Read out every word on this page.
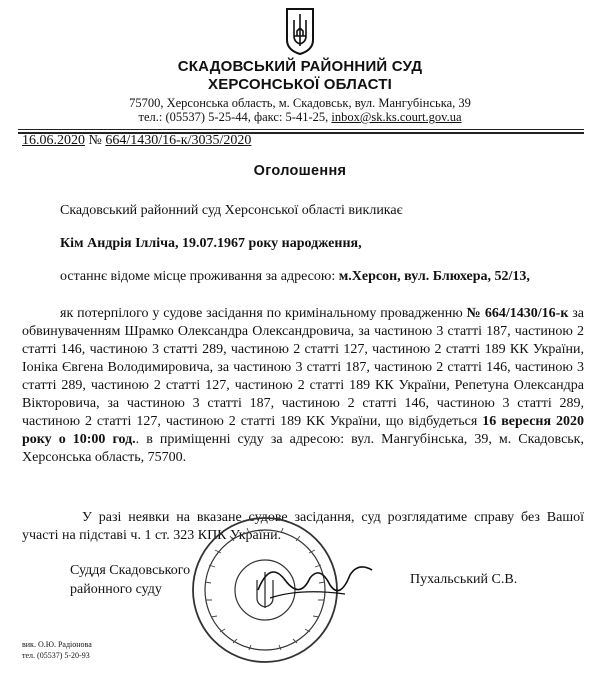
СКАДОВСЬКИЙ РАЙОННИЙ СУД
ХЕРСОНСЬКОЇ ОБЛАСТІ
75700, Херсонська область, м. Скадовськ, вул. Мангубінська, 39
тел.: (05537) 5-25-44, факс: 5-41-25, inbox@sk.ks.court.gov.ua
16.06.2020 № 664/1430/16-к/3035/2020
Оголошення
Скадовський районний суд Херсонської області викликає
Кім Андрія Ілліча, 19.07.1967 року народження,
останнє відоме місце проживання за адресою: м.Херсон, вул. Блюхера, 52/13,
як потерпілого у судове засідання по кримінальному провадженню № 664/1430/16-к за обвинуваченням Шрамко Олександра Олександровича, за частиною 3 статті 187, частиною 2 статті 146, частиною 3 статті 289, частиною 2 статті 127, частиною 2 статті 189 КК України, Іоніка Євгена Володимировича, за частиною 3 статті 187, частиною 2 статті 146, частиною 3 статті 289, частиною 2 статті 127, частиною 2 статті 189 КК України, Репетуна Олександра Вікторовича, за частиною 3 статті 187, частиною 2 статті 146, частиною 3 статті 289, частиною 2 статті 127, частиною 2 статті 189 КК України, що відбудеться 16 вересня 2020 року о 10:00 год.. в приміщенні суду за адресою: вул. Мангубінська, 39, м. Скадовськ, Херсонська область, 75700.
У разі неявки на вказане судове засідання, суд розглядатиме справу без Вашої участі на підставі ч. 1 ст. 323 КПК України.
Суддя Скадовського
районного суду
Пухальський С.В.
вик. О.Ю. Радіонова
тел. (05537) 5-20-93
